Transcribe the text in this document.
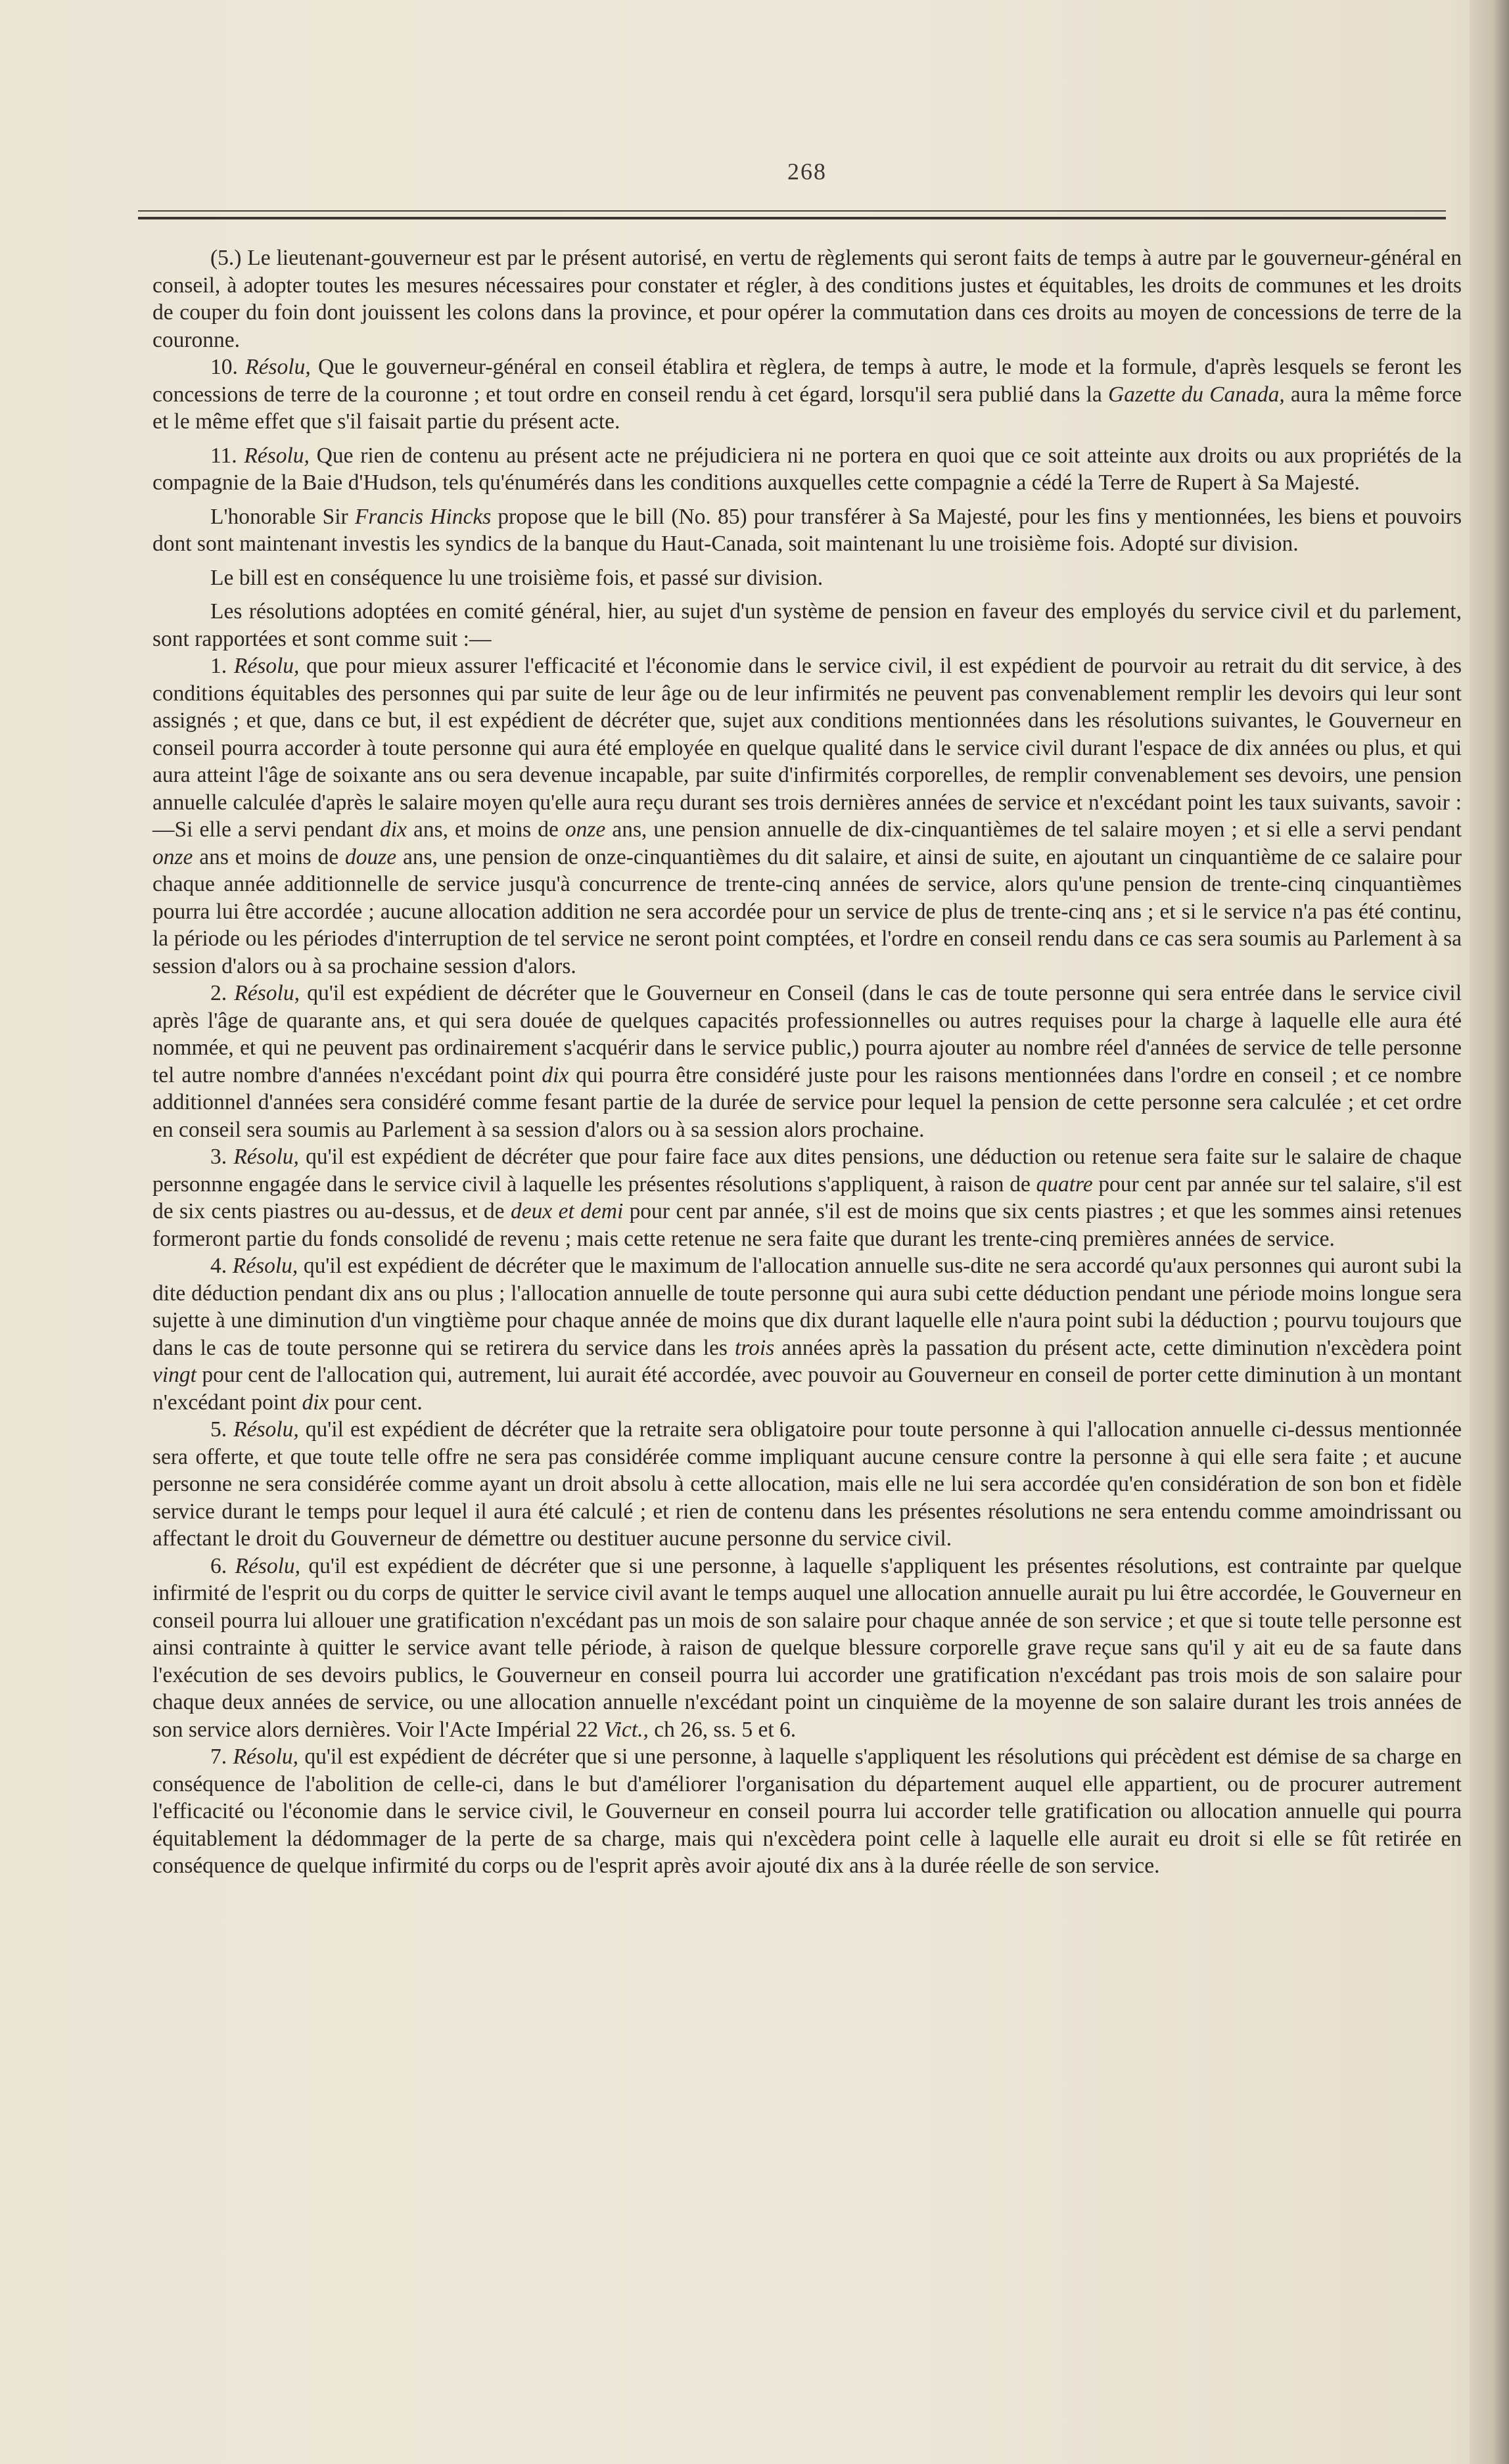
268

(5.) Le lieutenant-gouverneur est par le présent autorisé, en vertu de règlements qui seront faits de temps à autre par le gouverneur-général en conseil, à adopter toutes les mesures nécessaires pour constater et régler, à des conditions justes et équitables, les droits de communes et les droits de couper du foin dont jouissent les colons dans la province, et pour opérer la commutation dans ces droits au moyen de concessions de terre de la couronne.

10. Résolu, Que le gouverneur-général en conseil établira et règlera, de temps à autre, le mode et la formule, d'après lesquels se feront les concessions de terre de la couronne ; et tout ordre en conseil rendu à cet égard, lorsqu'il sera publié dans la Gazette du Canada, aura la même force et le même effet que s'il faisait partie du présent acte.

11. Résolu, Que rien de contenu au présent acte ne préjudiciera ni ne portera en quoi que ce soit atteinte aux droits ou aux propriétés de la compagnie de la Baie d'Hudson, tels qu'énumérés dans les conditions auxquelles cette compagnie a cédé la Terre de Rupert à Sa Majesté.

L'honorable Sir Francis Hincks propose que le bill (No. 85) pour transférer à Sa Majesté, pour les fins y mentionnées, les biens et pouvoirs dont sont maintenant investis les syndics de la banque du Haut-Canada, soit maintenant lu une troisième fois. Adopté sur division.

Le bill est en conséquence lu une troisième fois, et passé sur division.

Les résolutions adoptées en comité général, hier, au sujet d'un système de pension en faveur des employés du service civil et du parlement, sont rapportées et sont comme suit :—

1. Résolu, que pour mieux assurer l'efficacité et l'économie dans le service civil, il est expédient de pourvoir au retrait du dit service, à des conditions équitables des personnes qui par suite de leur âge ou de leur infirmités ne peuvent pas convenablement remplir les devoirs qui leur sont assignés ; et que, dans ce but, il est expédient de décréter que, sujet aux conditions mentionnées dans les résolutions suivantes, le Gouverneur en conseil pourra accorder à toute personne qui aura été employée en quelque qualité dans le service civil durant l'espace de dix années ou plus, et qui aura atteint l'âge de soixante ans ou sera devenue incapable, par suite d'infirmités corporelles, de remplir convenablement ses devoirs, une pension annuelle calculée d'après le salaire moyen qu'elle aura reçu durant ses trois dernières années de service et n'excédant point les taux suivants, savoir :—Si elle a servi pendant dix ans, et moins de onze ans, une pension annuelle de dix-cinquantièmes de tel salaire moyen ; et si elle a servi pendant onze ans et moins de douze ans, une pension de onze-cinquantièmes du dit salaire, et ainsi de suite, en ajoutant un cinquantième de ce salaire pour chaque année additionnelle de service jusqu'à concurrence de trente-cinq années de service, alors qu'une pension de trente-cinq cinquantièmes pourra lui être accordée ; aucune allocation addition ne sera accordée pour un service de plus de trente-cinq ans ; et si le service n'a pas été continu, la période ou les périodes d'interruption de tel service ne seront point comptées, et l'ordre en conseil rendu dans ce cas sera soumis au Parlement à sa session d'alors ou à sa prochaine session d'alors.

2. Résolu, qu'il est expédient de décréter que le Gouverneur en Conseil (dans le cas de toute personne qui sera entrée dans le service civil après l'âge de quarante ans, et qui sera douée de quelques capacités professionnelles ou autres requises pour la charge à laquelle elle aura été nommée, et qui ne peuvent pas ordinairement s'acquérir dans le service public,) pourra ajouter au nombre réel d'années de service de telle personne tel autre nombre d'années n'excédant point dix qui pourra être considéré juste pour les raisons mentionnées dans l'ordre en conseil ; et ce nombre additionnel d'années sera considéré comme fesant partie de la durée de service pour lequel la pension de cette personne sera calculée ; et cet ordre en conseil sera soumis au Parlement à sa session d'alors ou à sa session alors prochaine.

3. Résolu, qu'il est expédient de décréter que pour faire face aux dites pensions, une déduction ou retenue sera faite sur le salaire de chaque personnne engagée dans le service civil à laquelle les présentes résolutions s'appliquent, à raison de quatre pour cent par année sur tel salaire, s'il est de six cents piastres ou au-dessus, et de deux et demi pour cent par année, s'il est de moins que six cents piastres ; et que les sommes ainsi retenues formeront partie du fonds consolidé de revenu ; mais cette retenue ne sera faite que durant les trente-cinq premières années de service.

4. Résolu, qu'il est expédient de décréter que le maximum de l'allocation annuelle sus-dite ne sera accordé qu'aux personnes qui auront subi la dite déduction pendant dix ans ou plus ; l'allocation annuelle de toute personne qui aura subi cette déduction pendant une période moins longue sera sujette à une diminution d'un vingtième pour chaque année de moins que dix durant laquelle elle n'aura point subi la déduction ; pourvu toujours que dans le cas de toute personne qui se retirera du service dans les trois années après la passation du présent acte, cette diminution n'excèdera point vingt pour cent de l'allocation qui, autrement, lui aurait été accordée, avec pouvoir au Gouverneur en conseil de porter cette diminution à un montant n'excédant point dix pour cent.

5. Résolu, qu'il est expédient de décréter que la retraite sera obligatoire pour toute personne à qui l'allocation annuelle ci-dessus mentionnée sera offerte, et que toute telle offre ne sera pas considérée comme impliquant aucune censure contre la personne à qui elle sera faite ; et aucune personne ne sera considérée comme ayant un droit absolu à cette allocation, mais elle ne lui sera accordée qu'en considération de son bon et fidèle service durant le temps pour lequel il aura été calculé ; et rien de contenu dans les présentes résolutions ne sera entendu comme amoindrissant ou affectant le droit du Gouverneur de démettre ou destituer aucune personne du service civil.

6. Résolu, qu'il est expédient de décréter que si une personne, à laquelle s'appliquent les présentes résolutions, est contrainte par quelque infirmité de l'esprit ou du corps de quitter le service civil avant le temps auquel une allocation annuelle aurait pu lui être accordée, le Gouverneur en conseil pourra lui allouer une gratification n'excédant pas un mois de son salaire pour chaque année de son service ; et que si toute telle personne est ainsi contrainte à quitter le service avant telle période, à raison de quelque blessure corporelle grave reçue sans qu'il y ait eu de sa faute dans l'exécution de ses devoirs publics, le Gouverneur en conseil pourra lui accorder une gratification n'excédant pas trois mois de son salaire pour chaque deux années de service, ou une allocation annuelle n'excédant point un cinquième de la moyenne de son salaire durant les trois années de son service alors dernières. Voir l'Acte Impérial 22 Vict., ch 26, ss. 5 et 6.

7. Résolu, qu'il est expédient de décréter que si une personne, à laquelle s'appliquent les résolutions qui précèdent est démise de sa charge en conséquence de l'abolition de celle-ci, dans le but d'améliorer l'organisation du département auquel elle appartient, ou de procurer autrement l'efficacité ou l'économie dans le service civil, le Gouverneur en conseil pourra lui accorder telle gratification ou allocation annuelle qui pourra équitablement la dédommager de la perte de sa charge, mais qui n'excèdera point celle à laquelle elle aurait eu droit si elle se fût retirée en conséquence de quelque infirmité du corps ou de l'esprit après avoir ajouté dix ans à la durée réelle de son service.
